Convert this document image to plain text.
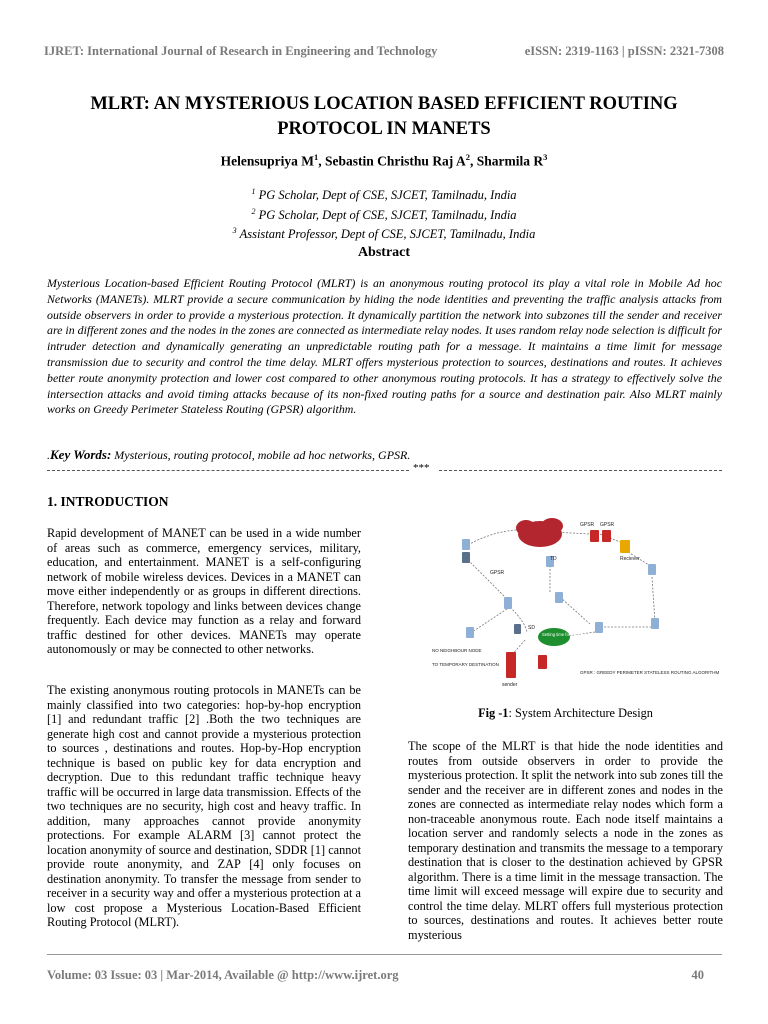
IJRET: International Journal of Research in Engineering and Technology	eISSN: 2319-1163 | pISSN: 2321-7308
MLRT: AN MYSTERIOUS LOCATION BASED EFFICIENT ROUTING
PROTOCOL IN MANETS
Helensupriya $M^1$, Sebastin Christhu Raj $A^2$, Sharmila $R^3$
$^1$ PG Scholar, Dept of CSE, SJCET, Tamilnadu, India
$^2$ PG Scholar, Dept of CSE, SJCET, Tamilnadu, India
$^3$ Assistant Professor, Dept of CSE, SJCET, Tamilnadu, India
Abstract
Mysterious Location-based Efficient Routing Protocol (MLRT) is an anonymous routing protocol its play a vital role in Mobile Ad hoc Networks (MANETs). MLRT provide a secure communication by hiding the node identities and preventing the traffic analysis attacks from outside observers in order to provide a mysterious protection. It dynamically partition the network into subzones till the sender and receiver are in different zones and the nodes in the zones are connected as intermediate relay nodes. It uses random relay node selection is difficult for intruder detection and dynamically generating an unpredictable routing path for a message. It maintains a time limit for message transmission due to security and control the time delay. MLRT offers mysterious protection to sources, destinations and routes. It achieves better route anonymity protection and lower cost compared to other anonymous routing protocols. It has a strategy to effectively solve the intersection attacks and avoid timing attacks because of its non-fixed routing paths for a source and destination pair. Also MLRT mainly works on Greedy Perimeter Stateless Routing (GPSR) algorithm.
.Key Words: Mysterious, routing protocol, mobile ad hoc networks, GPSR.
***
1. INTRODUCTION
Rapid development of MANET can be used in a wide number of areas such as commerce, emergency services, military, education, and entertainment. MANET is a self-configuring network of mobile wireless devices. Devices in a MANET can move either independently or as groups in different directions. Therefore, network topology and links between devices change frequently. Each device may function as a relay and forward traffic destined for other devices. MANETs may operate autonomously or may be connected to other networks.
The existing anonymous routing protocols in MANETs can be mainly classified into two categories: hop-by-hop encryption [1] and redundant traffic [2] .Both the two techniques are generate high cost and cannot provide a mysterious protection to sources , destinations and routes. Hop-by-Hop encryption technique is based on public key for data encryption and decryption. Due to this redundant traffic technique heavy traffic will be occurred in large data transmission. Effects of the two techniques are no security, high cost and heavy traffic. In addition, many approaches cannot provide anonymity protections. For example ALARM [3] cannot protect the location anonymity of source and destination, SDDR [1] cannot provide route anonymity, and ZAP [4] only focuses on destination anonymity. To transfer the message from sender to receiver in a security way and offer a mysterious protection at a low cost propose a Mysterious Location-Based Efficient Routing Protocol (MLRT).
GPSR GPSR
TD	Reciever
GPSR
SD
Setting time for the message
NO NEIGHBOUR NODE
TO TEMPORARY DESTINATION
sender
GPSR : GREEDY PERIMETER STATELESS ROUTING ALGORITHM
Fig -1: System Architecture Design
The scope of the MLRT is that hide the node identities and routes from outside observers in order to provide the mysterious protection. It split the network into sub zones till the sender and the receiver are in different zones and nodes in the zones are connected as intermediate relay nodes which form a non-traceable anonymous route. Each node itself maintains a location server and randomly selects a node in the zones as temporary destination and transmits the message to a temporary destination that is closer to the destination achieved by GPSR algorithm. There is a time limit in the message transaction. The time limit will exceed message will expire due to security and control the time delay. MLRT offers full mysterious protection to sources, destinations and routes. It achieves better route mysterious
Volume: 03 Issue: 03 | Mar-2014, Available @ http://www.ijret.org	40
